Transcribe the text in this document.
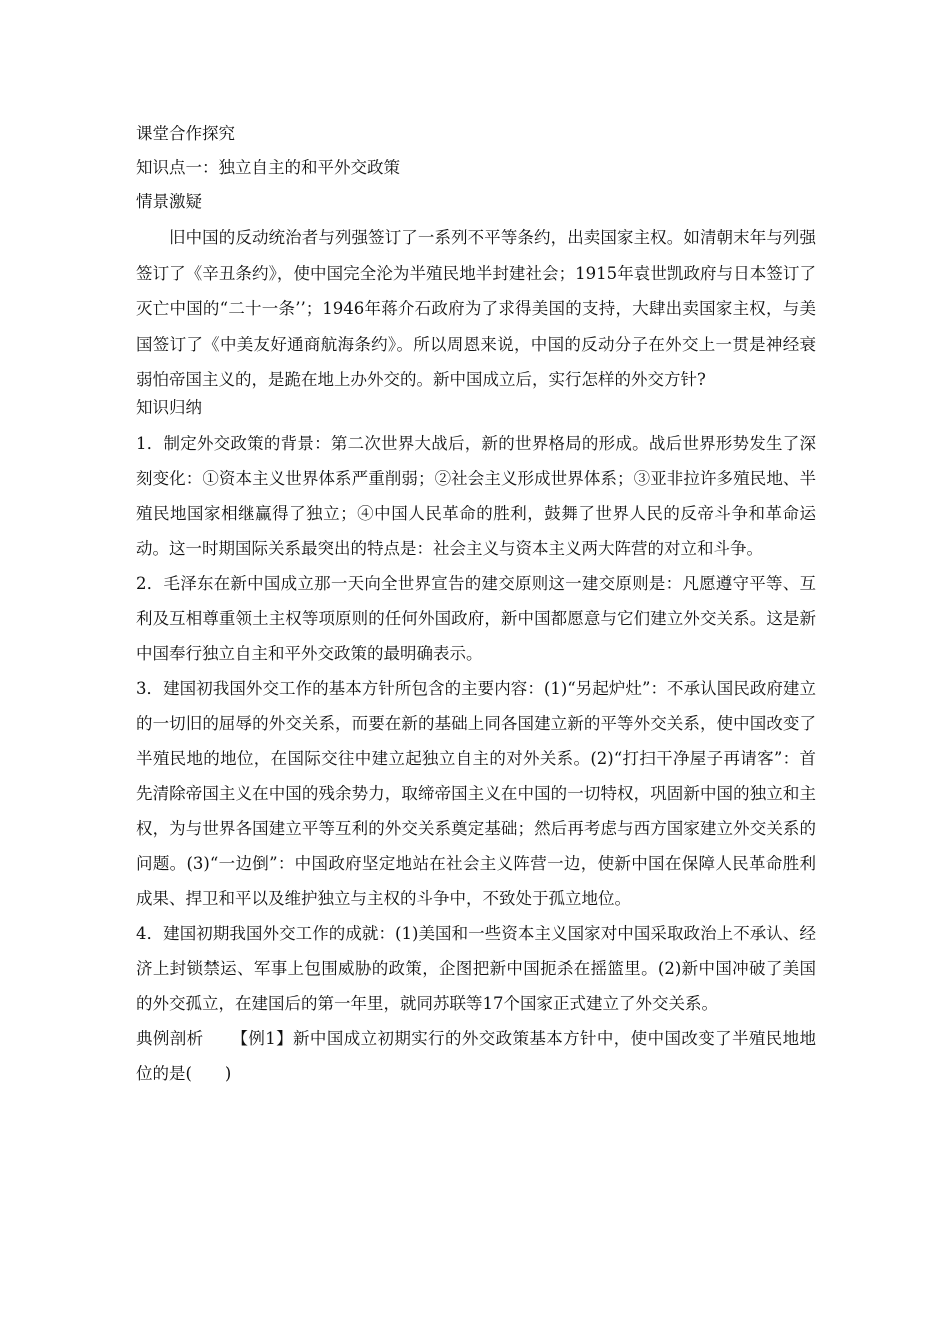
课堂合作探究

知识点一：独立自主的和平外交政策

情景激疑

旧中国的反动统治者与列强签订了一系列不平等条约，出卖国家主权。如清朝末年与列强签订了《辛丑条约》，使中国完全沦为半殖民地半封建社会；1915年袁世凯政府与日本签订了灭亡中国的“二十一条’’；1946年蒋介石政府为了求得美国的支持，大肆出卖国家主权，与美国签订了《中美友好通商航海条约》。所以周恩来说，中国的反动分子在外交上一贯是神经衰弱怕帝国主义的，是跪在地上办外交的。新中国成立后，实行怎样的外交方针?

知识归纳

1．制定外交政策的背景：第二次世界大战后，新的世界格局的形成。战后世界形势发生了深刻变化：①资本主义世界体系严重削弱；②社会主义形成世界体系；③亚非拉许多殖民地、半殖民地国家相继赢得了独立；④中国人民革命的胜利，鼓舞了世界人民的反帝斗争和革命运动。这一时期国际关系最突出的特点是：社会主义与资本主义两大阵营的对立和斗争。

2．毛泽东在新中国成立那一天向全世界宣告的建交原则这一建交原则是：凡愿遵守平等、互利及互相尊重领土主权等项原则的任何外国政府，新中国都愿意与它们建立外交关系。这是新中国奉行独立自主和平外交政策的最明确表示。

3．建国初我国外交工作的基本方针所包含的主要内容：(1)“另起炉灶”：不承认国民政府建立的一切旧的屈辱的外交关系，而要在新的基础上同各国建立新的平等外交关系，使中国改变了半殖民地的地位，在国际交往中建立起独立自主的对外关系。(2)“打扫干净屋子再请客”：首先清除帝国主义在中国的残余势力，取缔帝国主义在中国的一切特权，巩固新中国的独立和主权，为与世界各国建立平等互利的外交关系奠定基础；然后再考虑与西方国家建立外交关系的问题。(3)“一边倒”：中国政府坚定地站在社会主义阵营一边，使新中国在保障人民革命胜利成果、捍卫和平以及维护独立与主权的斗争中，不致处于孤立地位。

4．建国初期我国外交工作的成就：(1)美国和一些资本主义国家对中国采取政治上不承认、经济上封锁禁运、军事上包围威胁的政策，企图把新中国扼杀在摇篮里。(2)新中国冲破了美国的外交孤立，在建国后的第一年里，就同苏联等17个国家正式建立了外交关系。

典例剖析 【例1】新中国成立初期实行的外交政策基本方针中，使中国改变了半殖民地地位的是(　　)
